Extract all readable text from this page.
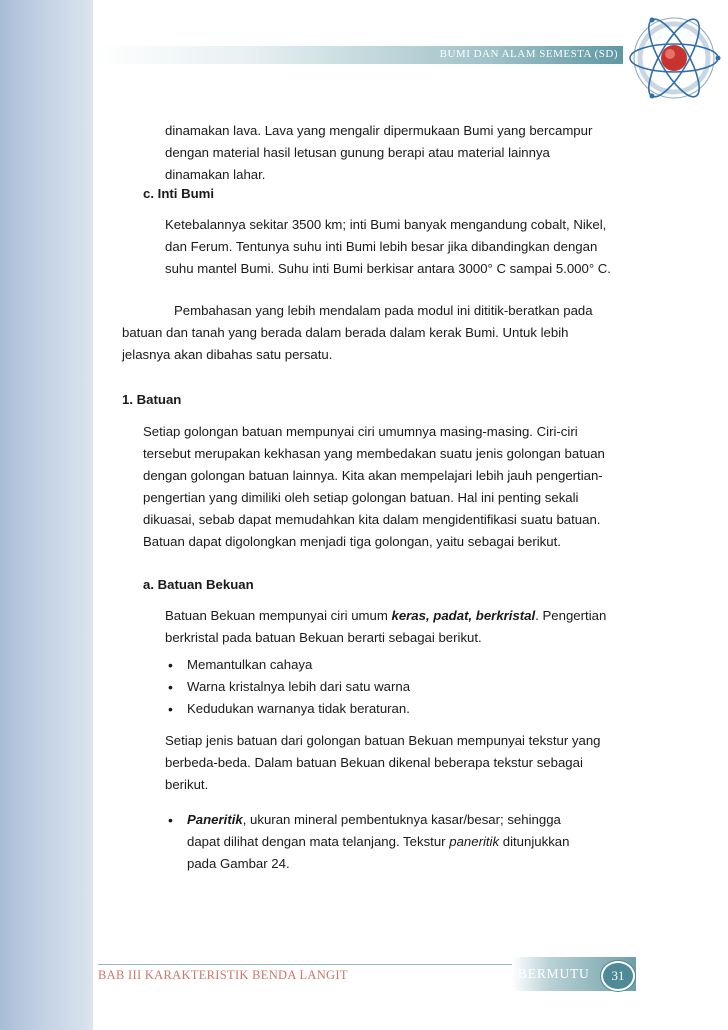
BUMI DAN ALAM SEMESTA (SD)
dinamakan lava. Lava yang mengalir dipermukaan Bumi yang bercampur
dengan material hasil letusan gunung berapi atau material lainnya
dinamakan lahar.
c. Inti Bumi
Ketebalannya sekitar 3500 km; inti Bumi banyak mengandung cobalt, Nikel,
dan Ferum. Tentunya suhu inti Bumi lebih besar jika dibandingkan dengan
suhu mantel Bumi. Suhu inti Bumi berkisar antara 3000° C sampai 5.000° C.
Pembahasan yang lebih mendalam pada modul ini dititik-beratkan pada
batuan dan tanah yang berada dalam berada dalam kerak Bumi. Untuk lebih
jelasnya akan dibahas satu persatu.
1. Batuan
Setiap golongan batuan mempunyai ciri umumnya masing-masing. Ciri-ciri
tersebut merupakan kekhasan yang membedakan suatu jenis golongan batuan
dengan golongan batuan lainnya. Kita akan mempelajari lebih jauh pengertian-
pengertian yang dimiliki oleh setiap golongan batuan. Hal ini penting sekali
dikuasai, sebab dapat memudahkan kita dalam mengidentifikasi suatu batuan.
Batuan dapat digolongkan menjadi tiga golongan, yaitu sebagai berikut.
a. Batuan Bekuan
Batuan Bekuan mempunyai ciri umum keras, padat, berkristal. Pengertian
berkristal pada batuan Bekuan berarti sebagai berikut.
• Memantulkan cahaya
• Warna kristalnya lebih dari satu warna
• Kedudukan warnanya tidak beraturan.
Setiap jenis batuan dari golongan batuan Bekuan mempunyai tekstur yang
berbeda-beda. Dalam batuan Bekuan dikenal beberapa tekstur sebagai
berikut.
• Paneritik, ukuran mineral pembentuknya kasar/besar; sehingga
dapat dilihat dengan mata telanjang. Tekstur paneritik ditunjukkan
pada Gambar 24.
BAB III KARAKTERISTIK BENDA LANGIT	BERMUTU	31
